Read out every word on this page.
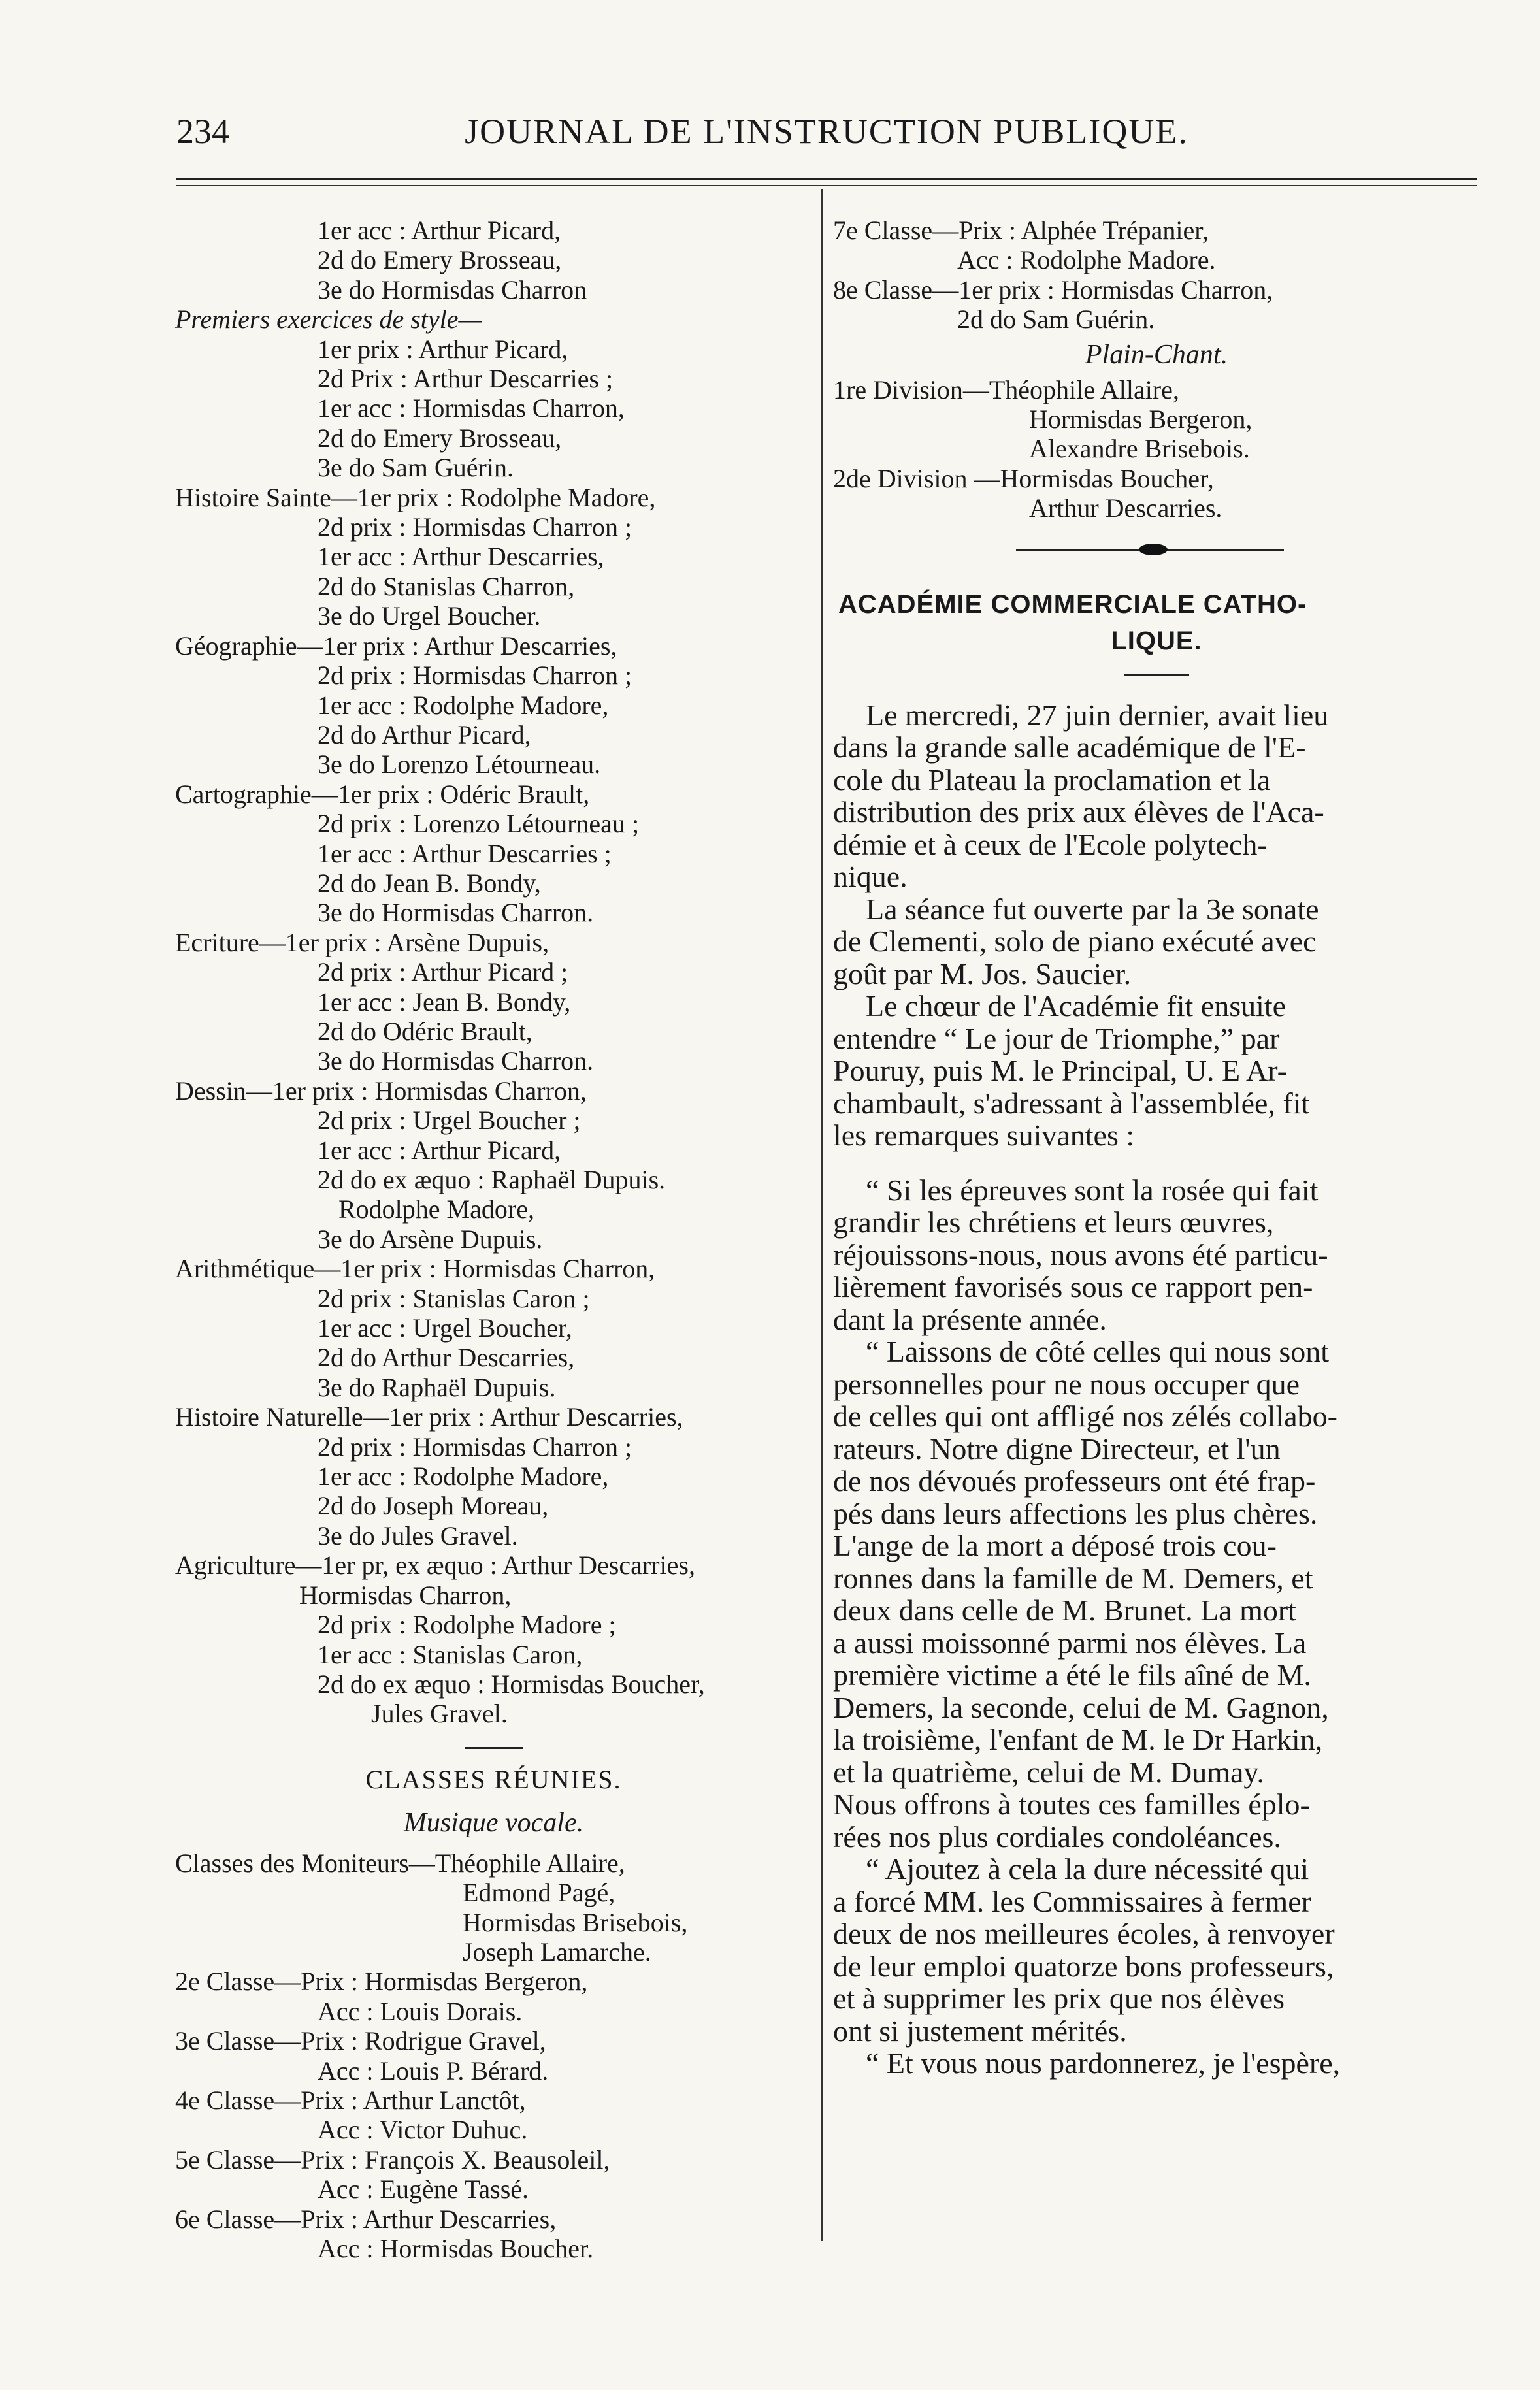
234	JOURNAL DE L'INSTRUCTION PUBLIQUE.
1er acc : Arthur Picard,
2d do Emery Brosseau,
3e do Hormisdas Charron
Premiers exercices de style—
1er prix : Arthur Picard,
2d Prix : Arthur Descarries ;
1er acc : Hormisdas Charron,
2d do Emery Brosseau,
3e do Sam Guérin.
Histoire Sainte—1er prix : Rodolphe Madore,
2d prix : Hormisdas Charron ;
1er acc : Arthur Descarries,
2d do Stanislas Charron,
3e do Urgel Boucher.
Géographie—1er prix : Arthur Descarries,
2d prix : Hormisdas Charron ;
1er acc : Rodolphe Madore,
2d do Arthur Picard,
3e do Lorenzo Létourneau.
Cartographie—1er prix : Odéric Brault,
2d prix : Lorenzo Létourneau ;
1er acc : Arthur Descarries ;
2d do Jean B. Bondy,
3e do Hormisdas Charron.
Ecriture—1er prix : Arsène Dupuis,
2d prix : Arthur Picard ;
1er acc : Jean B. Bondy,
2d do Odéric Brault,
3e do Hormisdas Charron.
Dessin—1er prix : Hormisdas Charron,
2d prix : Urgel Boucher ;
1er acc : Arthur Picard,
2d do ex æquo : Raphaël Dupuis.
Rodolphe Madore,
3e do Arsène Dupuis.
Arithmétique—1er prix : Hormisdas Charron,
2d prix : Stanislas Caron ;
1er acc : Urgel Boucher,
2d do Arthur Descarries,
3e do Raphaël Dupuis.
Histoire Naturelle—1er prix : Arthur Descarries,
2d prix : Hormisdas Charron ;
1er acc : Rodolphe Madore,
2d do Joseph Moreau,
3e do Jules Gravel.
Agriculture—1er pr, ex æquo : Arthur Descarries,
Hormisdas Charron,
2d prix : Rodolphe Madore ;
1er acc : Stanislas Caron,
2d do ex æquo : Hormisdas Boucher,
Jules Gravel.
CLASSES RÉUNIES.
Musique vocale.
Classes des Moniteurs—Théophile Allaire,
Edmond Pagé,
Hormisdas Brisebois,
Joseph Lamarche.
2e Classe—Prix : Hormisdas Bergeron,
Acc : Louis Dorais.
3e Classe—Prix : Rodrigue Gravel,
Acc : Louis P. Bérard.
4e Classe—Prix : Arthur Lanctôt,
Acc : Victor Duhuc.
5e Classe—Prix : François X. Beausoleil,
Acc : Eugène Tassé.
6e Classe—Prix : Arthur Descarries,
Acc : Hormisdas Boucher.
7e Classe—Prix : Alphée Trépanier,
Acc : Rodolphe Madore.
8e Classe—1er prix : Hormisdas Charron,
2d do Sam Guérin.
Plain-Chant.
1re Division—Théophile Allaire,
Hormisdas Bergeron,
Alexandre Brisebois.
2de Division —Hormisdas Boucher,
Arthur Descarries.
ACADÉMIE COMMERCIALE CATHO-
LIQUE.
Le mercredi, 27 juin dernier, avait lieu
dans la grande salle académique de l'E-
cole du Plateau la proclamation et la
distribution des prix aux élèves de l'Aca-
démie et à ceux de l'Ecole polytech-
nique.
La séance fut ouverte par la 3e sonate
de Clementi, solo de piano exécuté avec
goût par M. Jos. Saucier.
Le chœur de l'Académie fit ensuite
entendre “ Le jour de Triomphe,” par
Pouruy, puis M. le Principal, U. E Ar-
chambault, s'adressant à l'assemblée, fit
les remarques suivantes :
“ Si les épreuves sont la rosée qui fait
grandir les chrétiens et leurs œuvres,
réjouissons-nous, nous avons été particu-
lièrement favorisés sous ce rapport pen-
dant la présente année.
“ Laissons de côté celles qui nous sont
personnelles pour ne nous occuper que
de celles qui ont affligé nos zélés collabo-
rateurs. Notre digne Directeur, et l'un
de nos dévoués professeurs ont été frap-
pés dans leurs affections les plus chères.
L'ange de la mort a déposé trois cou-
ronnes dans la famille de M. Demers, et
deux dans celle de M. Brunet. La mort
a aussi moissonné parmi nos élèves. La
première victime a été le fils aîné de M.
Demers, la seconde, celui de M. Gagnon,
la troisième, l'enfant de M. le Dr Harkin,
et la quatrième, celui de M. Dumay.
Nous offrons à toutes ces familles éplo-
rées nos plus cordiales condoléances.
“ Ajoutez à cela la dure nécessité qui
a forcé MM. les Commissaires à fermer
deux de nos meilleures écoles, à renvoyer
de leur emploi quatorze bons professeurs,
et à supprimer les prix que nos élèves
ont si justement mérités.
“ Et vous nous pardonnerez, je l'espère,
